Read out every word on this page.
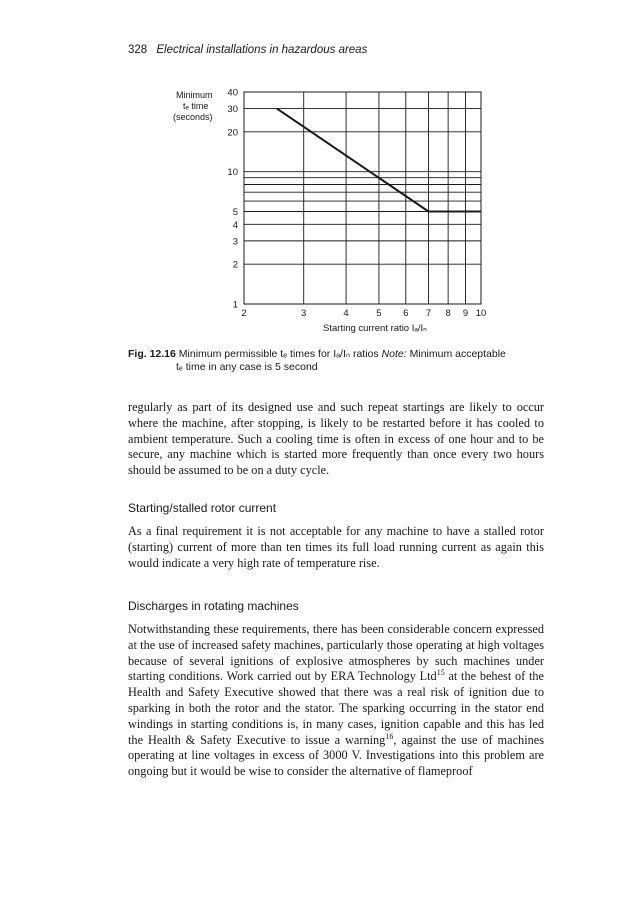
328 Electrical installations in hazardous areas
Minimum
tₑ time
(seconds)
1
2
3
4
5
10
20
30
40
2	3	4	5 6 7 8 9 10
Starting current ratio Iₐ/Iₙ
Fig. 12.16 Minimum permissible tₑ times for Iₐ/Iₙ ratios Note: Minimum acceptable
tₑ time in any case is 5 second

regularly as part of its designed use and such repeat startings are likely to occur where the machine, after stopping, is likely to be restarted before it has cooled to ambient temperature. Such a cooling time is often in excess of one hour and to be secure, any machine which is started more frequently than once every two hours should be assumed to be on a duty cycle.

Starting/stalled rotor current

As a final requirement it is not acceptable for any machine to have a stalled rotor (starting) current of more than ten times its full load running current as again this would indicate a very high rate of temperature rise.

Discharges in rotating machines

Notwithstanding these requirements, there has been considerable concern expressed at the use of increased safety machines, particularly those operating at high voltages because of several ignitions of explosive atmospheres by such machines under starting conditions. Work carried out by ERA Technology Ltd$^{15}$ at the behest of the Health and Safety Executive showed that there was a real risk of ignition due to sparking in both the rotor and the stator. The sparking occurring in the stator end windings in starting conditions is, in many cases, ignition capable and this has led the Health & Safety Executive to issue a warning$^{16}$, against the use of machines operating at line voltages in excess of 3000 V. Investigations into this problem are ongoing but it would be wise to consider the alternative of flameproof
